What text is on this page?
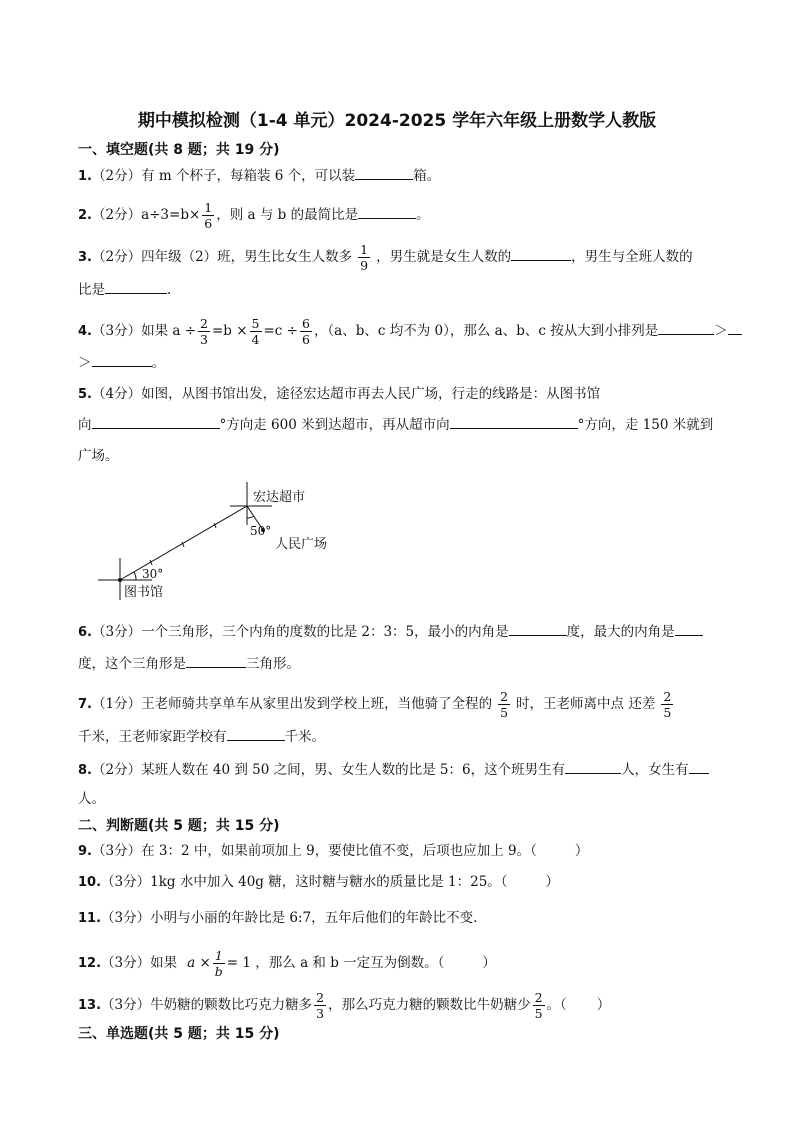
期中模拟检测（1-4 单元）2024-2025 学年六年级上册数学人教版
一、填空题(共 8 题；共 19 分)
1.（2分）有 m 个杯子，每箱装 6 个，可以装	箱。
2.（2分）$a\div 3=b\times \frac{1}{6}$ ，则 a 与 b 的最简比是	。
3.（2分）四年级（2）班，男生比女生人数多 $\frac{1}{9}$ ，男生就是女生人数的	，男生与全班人数的
比是	.
4.（3分）如果 $a \div \frac{2}{3} =b \times \frac{5}{4} =c \div \frac{6}{6}$ ，（a、b、c 均不为 0），那么 a、b、c 按从大到小排列是	＞
＞	。
5.（4分）如图，从图书馆出发，途径宏达超市再去人民广场，行走的线路是：从图书馆
向	°方向走 600 米到达超市，再从超市向	°方向，走 150 米就到
广场。
宏达超市
人民广场
图书馆
50°
30°
6.（3分）一个三角形，三个内角的度数的比是 2：3：5，最小的内角是	度，最大的内角是
度，这个三角形是	三角形。
7.（1分）王老师骑共享单车从家里出发到学校上班，当他骑了全程的 $\frac{2}{5}$ 时，王老师离中点 还差 $\frac{2}{5}$
千米，王老师家距学校有	千米。
8.（2分）某班人数在 40 到 50 之间，男、女生人数的比是 5：6，这个班男生有	人，女生有
人。
二、判断题(共 5 题；共 15 分)
9.（3分）在 3：2 中，如果前项加上 9，要使比值不变，后项也应加上 9。（	）
10.（3分）1kg 水中加入 40g 糖，这时糖与糖水的质量比是 1：25。（	）
11.（3分）小明与小丽的年龄比是 6:7，五年后他们的年龄比不变.
12.（3分）如果 $a \times \frac{1}{b} = 1$ ，那么 a 和 b 一定互为倒数。（	）
13.（3分）牛奶糖的颗数比巧克力糖多 $\frac{2}{3}$ ，那么巧克力糖的颗数比牛奶糖少 $\frac{2}{5}$ 。（ ）
三、单选题(共 5 题；共 15 分)
